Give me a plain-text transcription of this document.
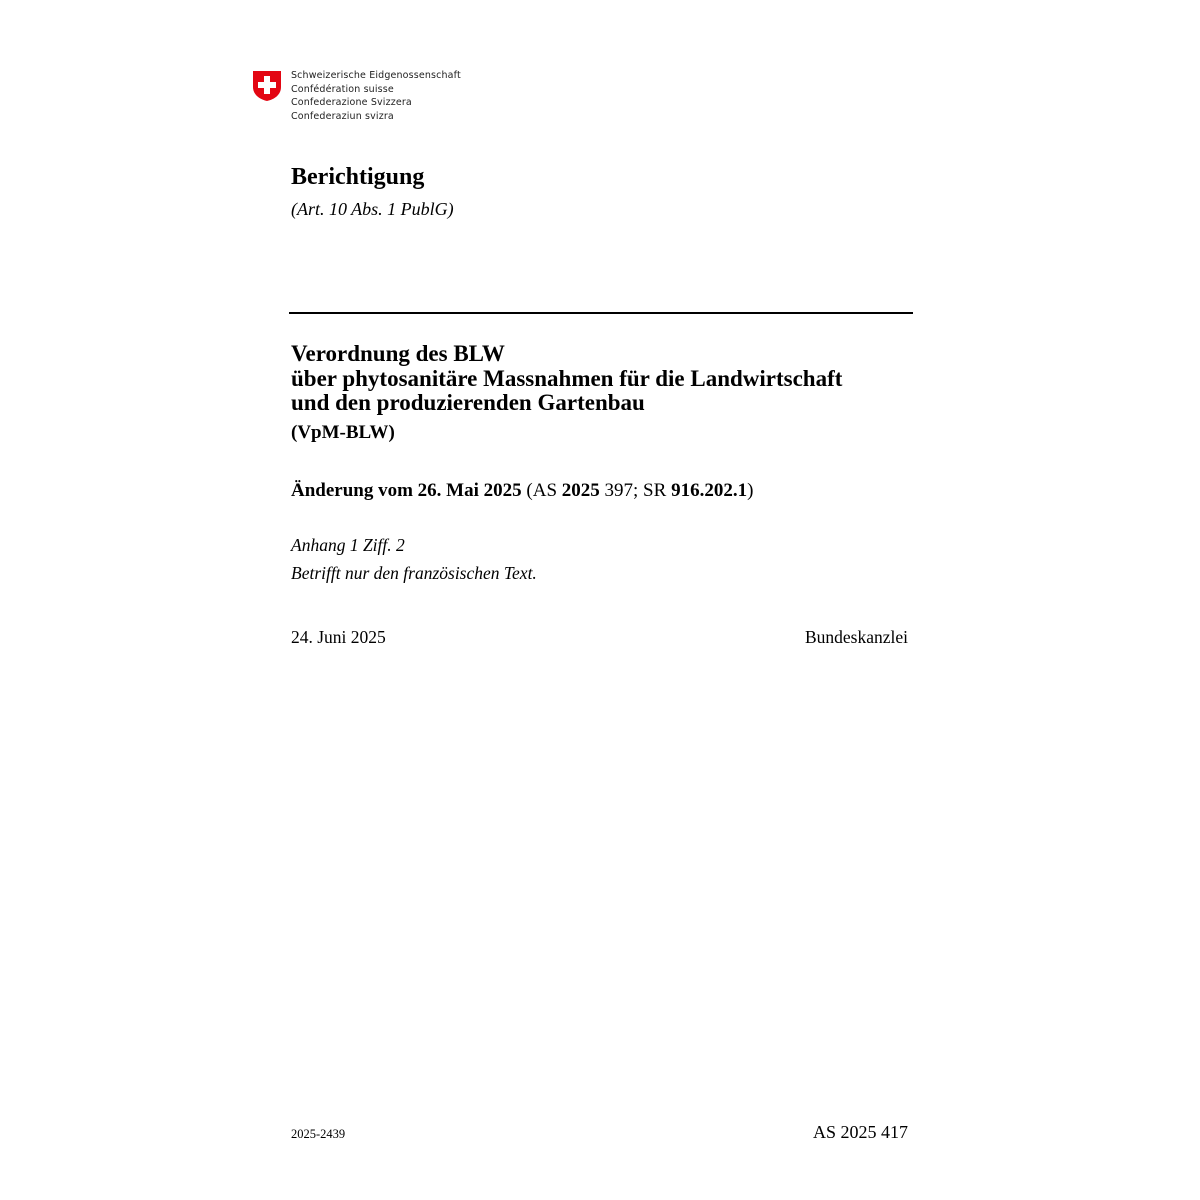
Schweizerische Eidgenossenschaft
Confédération suisse
Confederazione Svizzera
Confederaziun svizra
Berichtigung

(Art. 10 Abs. 1 PublG)

Verordnung des BLW
über phytosanitäre Massnahmen für die Landwirtschaft
und den produzierenden Gartenbau

(VpM-BLW)

Änderung vom 26. Mai 2025 (AS 2025 397; SR 916.202.1)
Anhang 1 Ziff. 2
Betrifft nur den französischen Text.
24. Juni 2025	Bundeskanzlei
2025-2439	AS 2025 417
